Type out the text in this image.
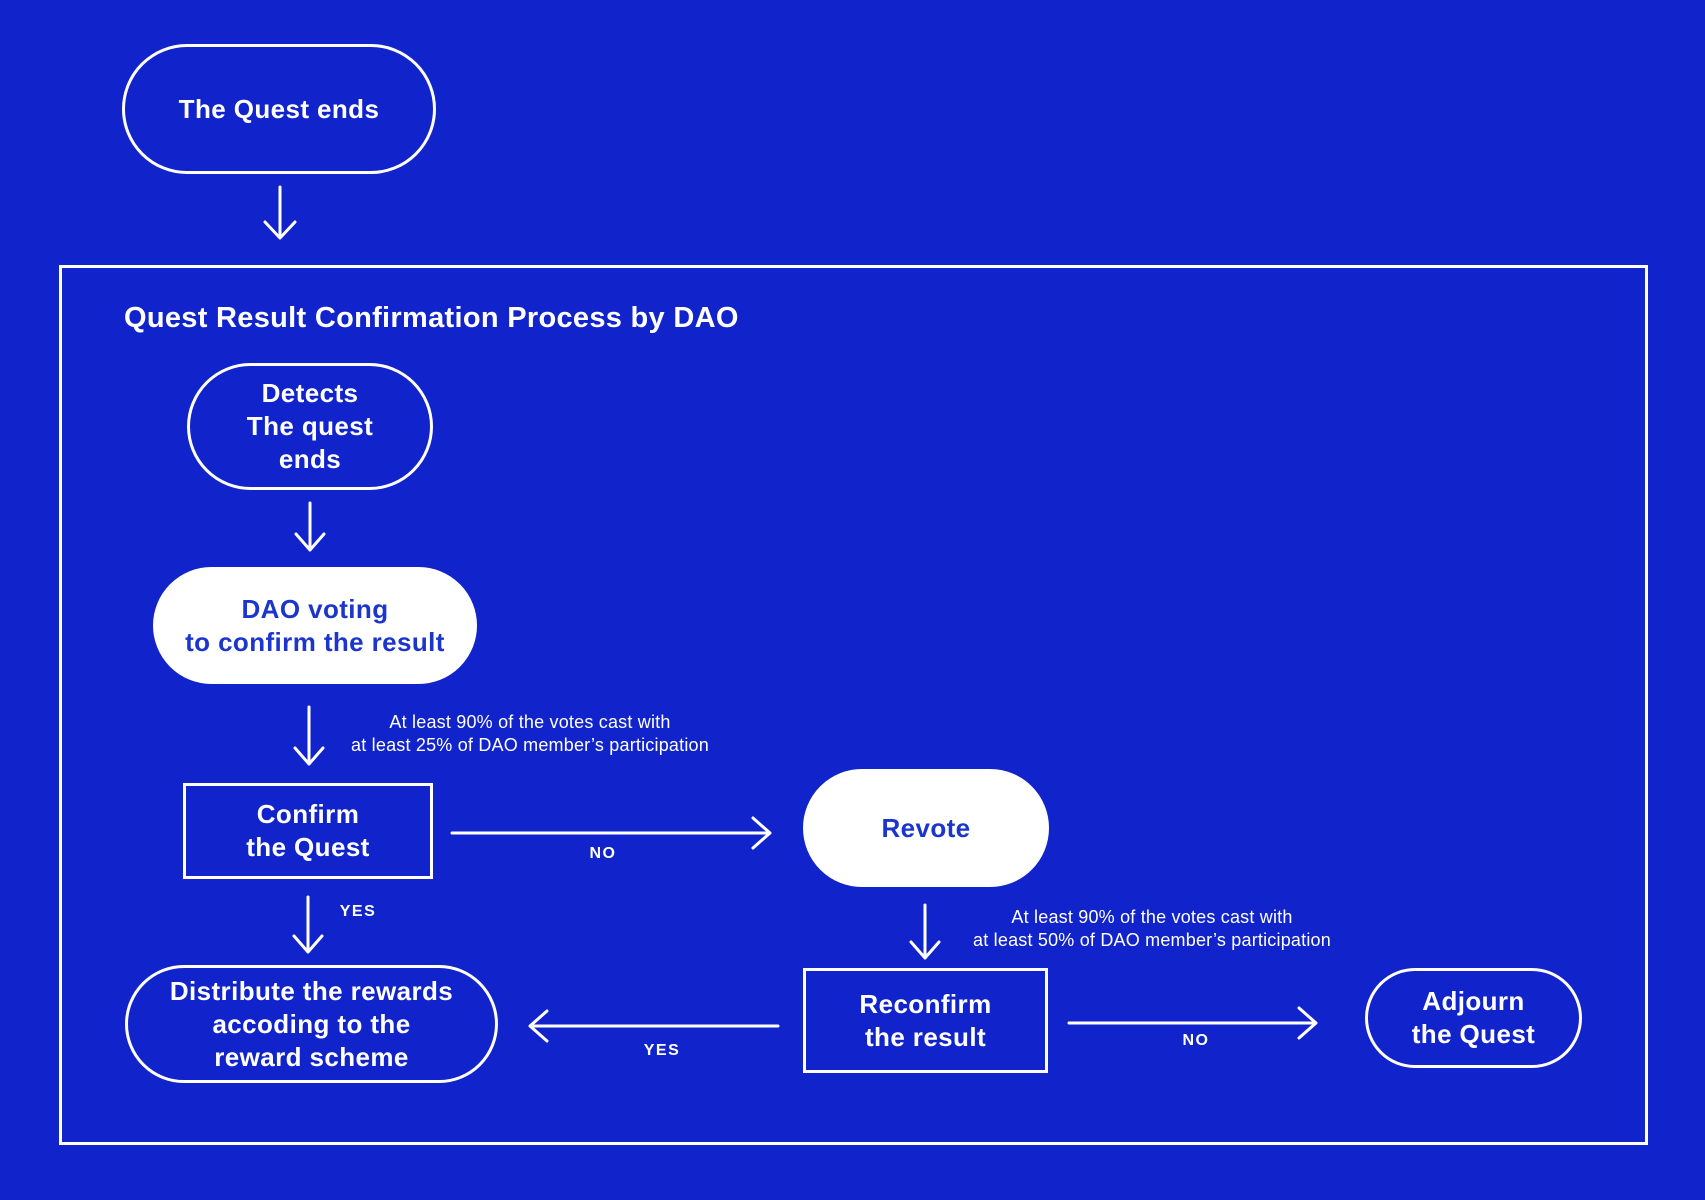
The Quest ends
Quest Result Confirmation Process by DAO
Detects
The quest
ends
DAO voting
to confirm the result
At least 90% of the votes cast with
at least 25% of DAO member’s participation
Confirm
the Quest
YES
NO
Revote
At least 90% of the votes cast with
at least 50% of DAO member’s participation
Distribute the rewards
accoding to the
reward scheme
Reconfirm
the result
YES
NO
Adjourn
the Quest
